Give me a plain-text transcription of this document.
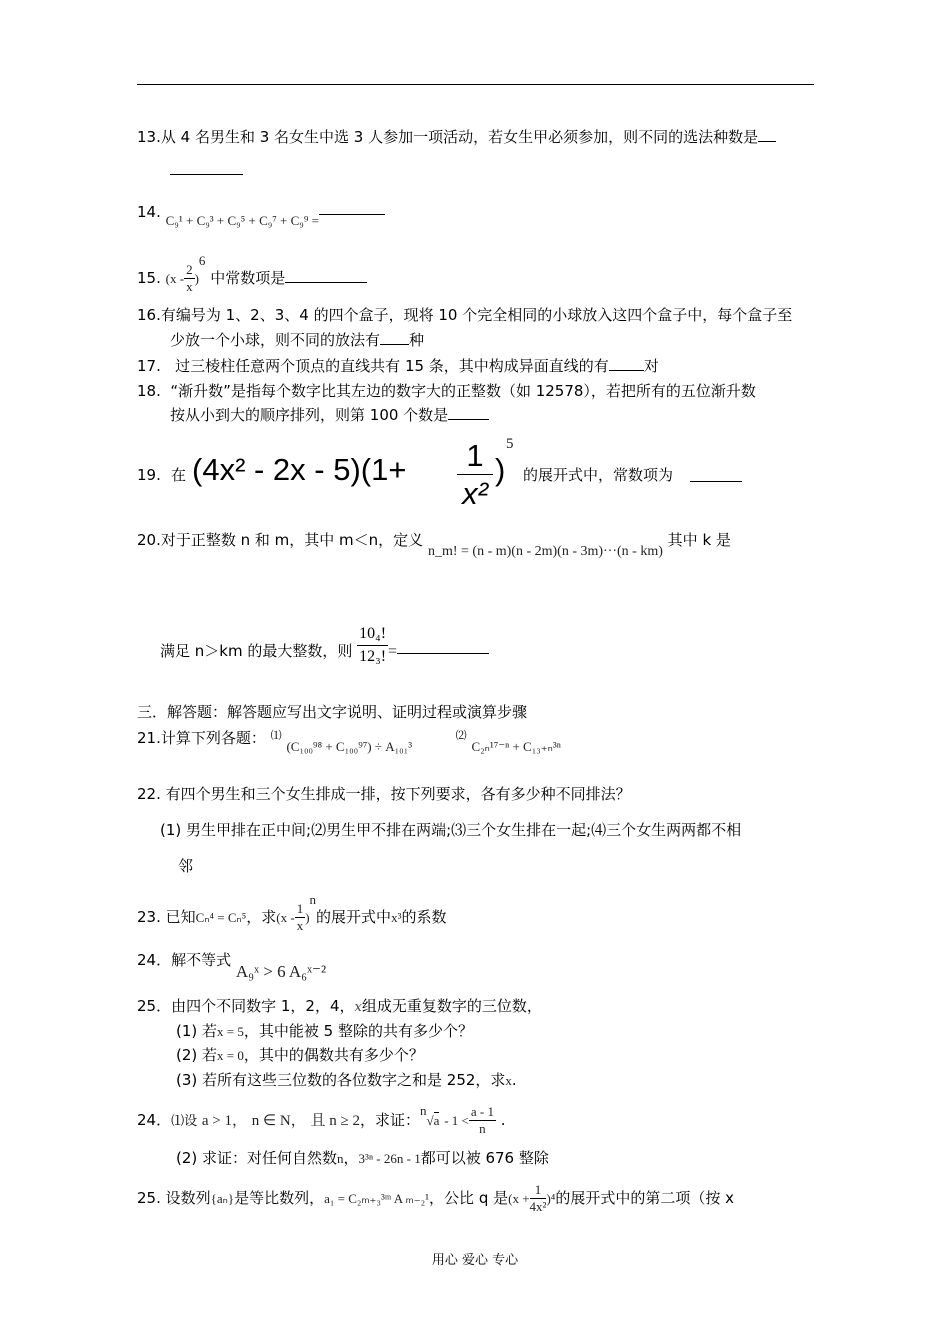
13.从 4 名男生和 3 名女生中选 3 人参加一项活动，若女生甲必须参加，则不同的选法种数是
14. C₉¹ + C₉³ + C₉⁵ + C₉⁷ + C₉⁹ =
15. $(x - \frac{2}{x} )^6$ 中常数项是
16.有编号为 1、2、3、4 的四个盒子，现将 10 个完全相同的小球放入这四个盒子中，每个盒子至
少放一个小球，则不同的放法有 种
17. 过三棱柱任意两个顶点的直线共有 15 条，其中构成异面直线的有 对
18. “渐升数”是指每个数字比其左边的数字大的正整数（如 12578），若把所有的五位渐升数
按从小到大的顺序排列，则第 100 个数是
19. 在 (4x² - 2x - 5)(1+	1
x²
)
5
的展开式中，常数项为
20.对于正整数 n 和 m，其中 m＜n，定义 n_m! = (n - m)(n - 2m)(n - 3m)···(n - km) 其中 k 是
满足 n＞km 的最大整数，则 $\frac{\text{10₄!}}{\text{12₃!}}$ =
三．解答题：解答题应写出文字说明、证明过程或演算步骤
21.计算下列各题： ⑴ (C₁₀₀⁹⁸ + C₁₀₀⁹⁷) ÷ A₁₀₁³  ⑵ C₂ₙ¹⁷⁻ⁿ + C₁₃₊ₙ³ⁿ
22. 有四个男生和三个女生排成一排，按下列要求，各有多少种不同排法？
(1) 男生甲排在正中间;⑵男生甲不排在两端;⑶三个女生排在一起;⑷三个女生两两都不相
邻
23. 已知Cₙ⁴ = Cₙ⁵，求$(x - \frac{1}{x} )^n$的展开式中x³的系数
24．解不等式 A₉ˣ > 6 A₆ˣ⁻²
25．由四个不同数字 1，2，4，x组成无重复数字的三位数，
(1) 若x = 5，其中能被 5 整除的共有多少个？
(2) 若x = 0，其中的偶数共有多少个？
(3) 若所有这些三位数的各位数字之和是 252，求x.
24．⑴设 a > 1， n ∈ N， 且 n ≥ 2，求证：$^n√a - 1 < \frac{a - 1}{n}$ .
(2) 求证：对任何自然数n，3³ⁿ - 26n - 1都可以被 676 整除
25. 设数列{aₙ}是等比数列，a₁ = C₂ₘ₊₃³ᵐ A ₘ₋₂¹，公比 q 是$(x + \frac{1}{\text{4x²}} )^4$的展开式中的第二项（按 x
用心 爱心 专心
